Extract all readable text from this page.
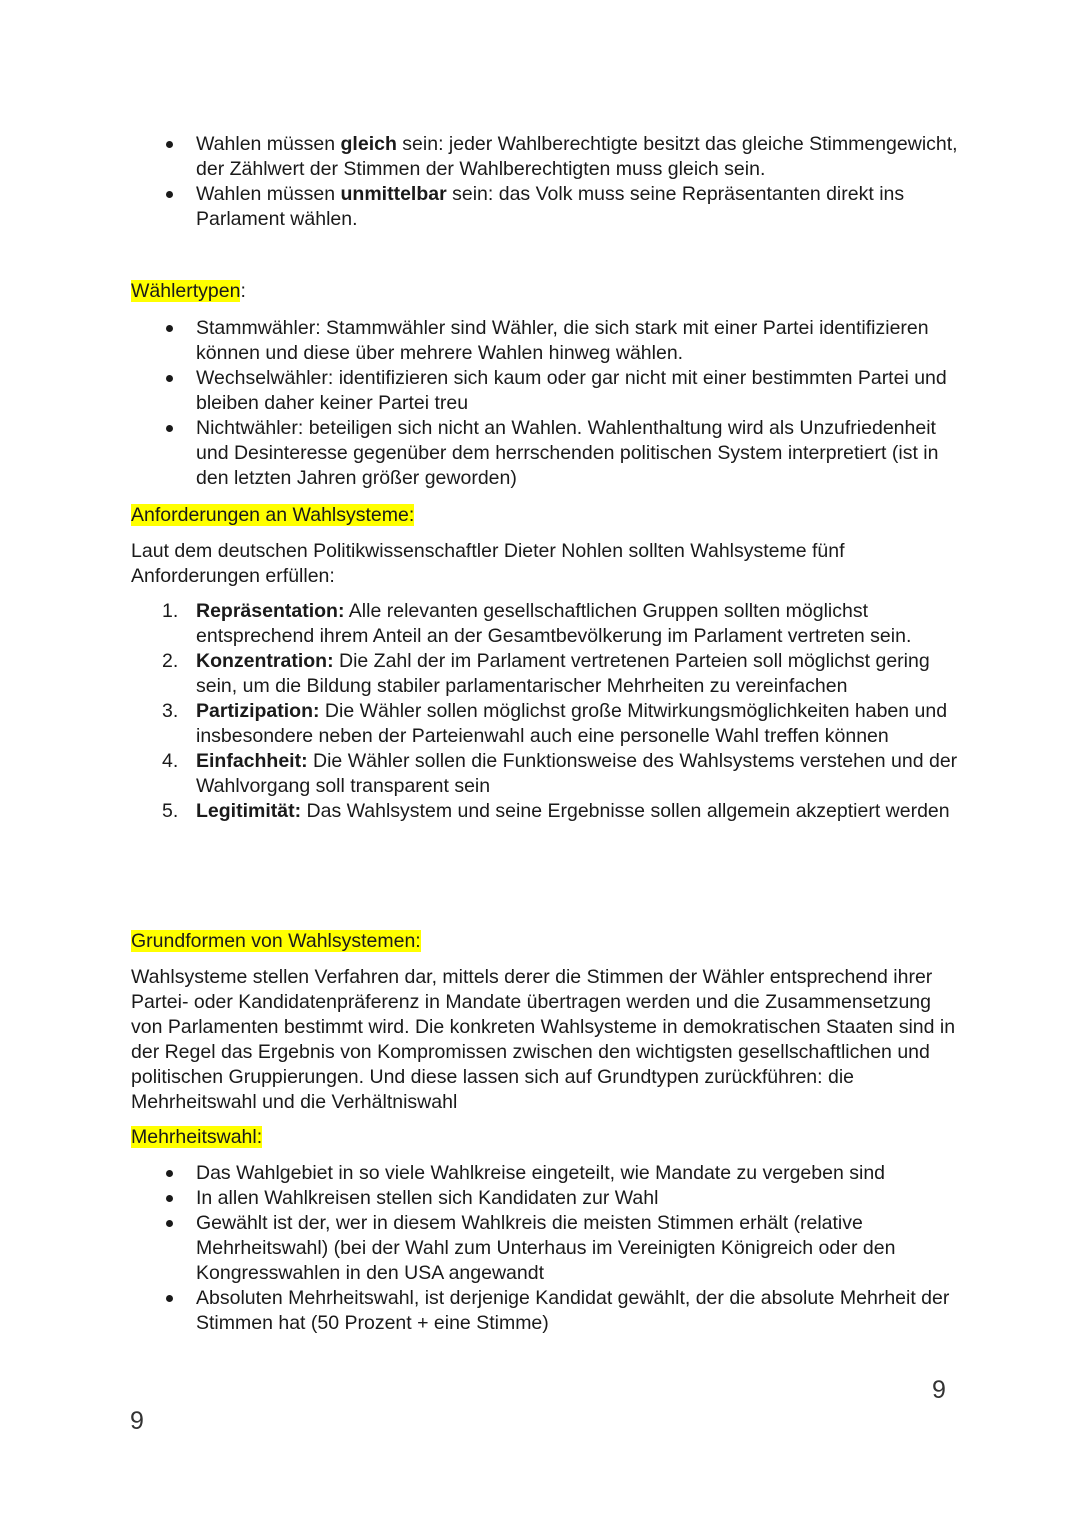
Wahlen müssen gleich sein: jeder Wahlberechtigte besitzt das gleiche Stimmengewicht, der Zählwert der Stimmen der Wahlberechtigten muss gleich sein.
Wahlen müssen unmittelbar sein: das Volk muss seine Repräsentanten direkt ins Parlament wählen.

Wählertypen:

Stammwähler: Stammwähler sind Wähler, die sich stark mit einer Partei identifizieren können und diese über mehrere Wahlen hinweg wählen.
Wechselwähler: identifizieren sich kaum oder gar nicht mit einer bestimmten Partei und bleiben daher keiner Partei treu
Nichtwähler: beteiligen sich nicht an Wahlen. Wahlenthaltung wird als Unzufriedenheit und Desinteresse gegenüber dem herrschenden politischen System interpretiert (ist in den letzten Jahren größer geworden)

Anforderungen an Wahlsysteme:

Laut dem deutschen Politikwissenschaftler Dieter Nohlen sollten Wahlsysteme fünf Anforderungen erfüllen:

1. Repräsentation: Alle relevanten gesellschaftlichen Gruppen sollten möglichst entsprechend ihrem Anteil an der Gesamtbevölkerung im Parlament vertreten sein.
2. Konzentration: Die Zahl der im Parlament vertretenen Parteien soll möglichst gering sein, um die Bildung stabiler parlamentarischer Mehrheiten zu vereinfachen
3. Partizipation: Die Wähler sollen möglichst große Mitwirkungsmöglichkeiten haben und insbesondere neben der Parteienwahl auch eine personelle Wahl treffen können
4. Einfachheit: Die Wähler sollen die Funktionsweise des Wahlsystems verstehen und der Wahlvorgang soll transparent sein
5. Legitimität: Das Wahlsystem und seine Ergebnisse sollen allgemein akzeptiert werden

Grundformen von Wahlsystemen:

Wahlsysteme stellen Verfahren dar, mittels derer die Stimmen der Wähler entsprechend ihrer Partei- oder Kandidatenpräferenz in Mandate übertragen werden und die Zusammensetzung von Parlamenten bestimmt wird. Die konkreten Wahlsysteme in demokratischen Staaten sind in der Regel das Ergebnis von Kompromissen zwischen den wichtigsten gesellschaftlichen und politischen Gruppierungen. Und diese lassen sich auf Grundtypen zurückführen: die Mehrheitswahl und die Verhältniswahl

Mehrheitswahl:

Das Wahlgebiet in so viele Wahlkreise eingeteilt, wie Mandate zu vergeben sind
In allen Wahlkreisen stellen sich Kandidaten zur Wahl
Gewählt ist der, wer in diesem Wahlkreis die meisten Stimmen erhält (relative Mehrheitswahl) (bei der Wahl zum Unterhaus im Vereinigten Königreich oder den Kongresswahlen in den USA angewandt
Absoluten Mehrheitswahl, ist derjenige Kandidat gewählt, der die absolute Mehrheit der Stimmen hat (50 Prozent + eine Stimme)
9
9
